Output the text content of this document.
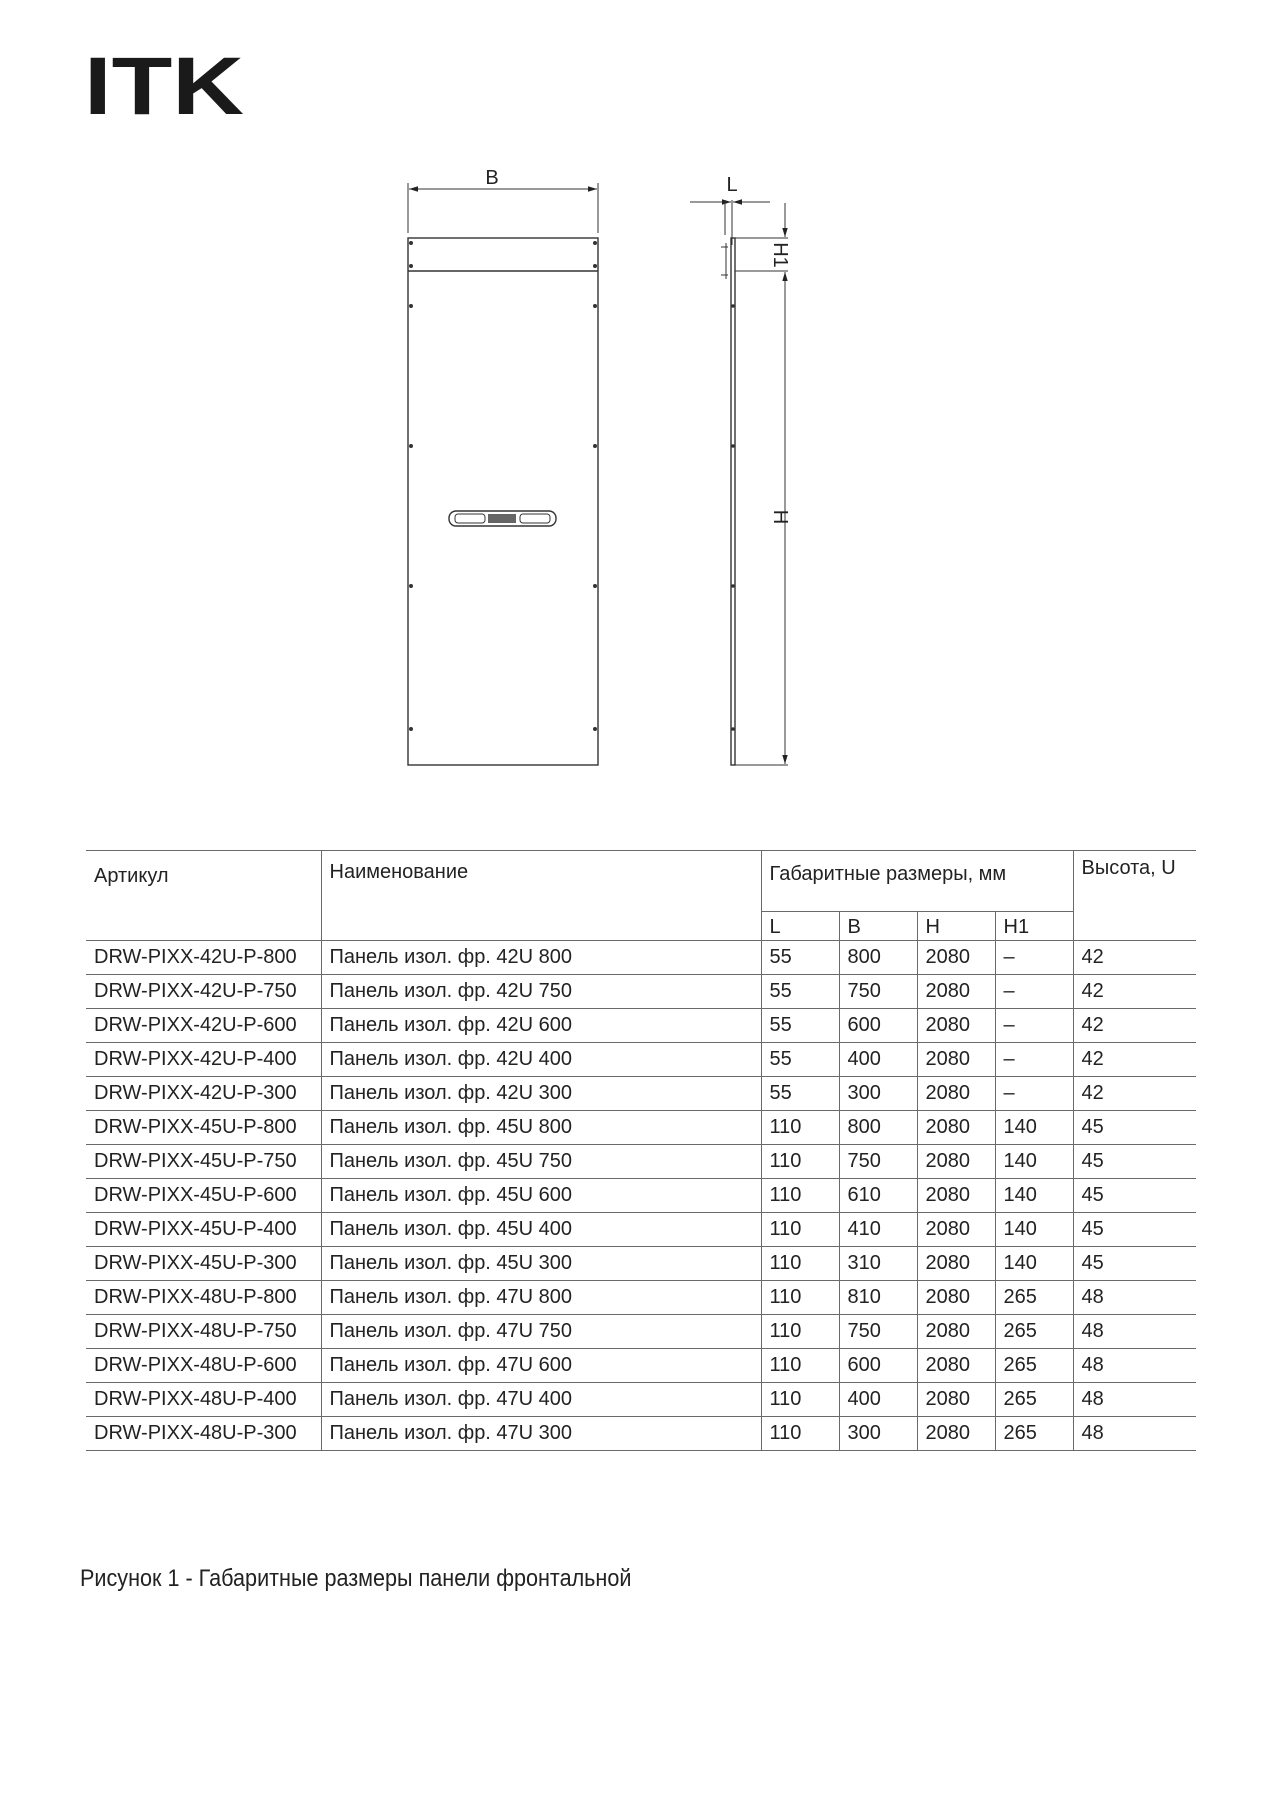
ITK
B	L
H1
H
Артикул	Наименование	Габаритные размеры, мм				Высота, U
		L	B	H	H1	
DRW-PIXX-42U-P-800	Панель изол. фр. 42U 800	55	800	2080	–	42
DRW-PIXX-42U-P-750	Панель изол. фр. 42U 750	55	750	2080	–	42
DRW-PIXX-42U-P-600	Панель изол. фр. 42U 600	55	600	2080	–	42
DRW-PIXX-42U-P-400	Панель изол. фр. 42U 400	55	400	2080	–	42
DRW-PIXX-42U-P-300	Панель изол. фр. 42U 300	55	300	2080	–	42
DRW-PIXX-45U-P-800	Панель изол. фр. 45U 800	110	800	2080	140	45
DRW-PIXX-45U-P-750	Панель изол. фр. 45U 750	110	750	2080	140	45
DRW-PIXX-45U-P-600	Панель изол. фр. 45U 600	110	610	2080	140	45
DRW-PIXX-45U-P-400	Панель изол. фр. 45U 400	110	410	2080	140	45
DRW-PIXX-45U-P-300	Панель изол. фр. 45U 300	110	310	2080	140	45
DRW-PIXX-48U-P-800	Панель изол. фр. 47U 800	110	810	2080	265	48
DRW-PIXX-48U-P-750	Панель изол. фр. 47U 750	110	750	2080	265	48
DRW-PIXX-48U-P-600	Панель изол. фр. 47U 600	110	600	2080	265	48
DRW-PIXX-48U-P-400	Панель изол. фр. 47U 400	110	400	2080	265	48
DRW-PIXX-48U-P-300	Панель изол. фр. 47U 300	110	300	2080	265	48
Рисунок 1 - Габаритные размеры панели фронтальной
